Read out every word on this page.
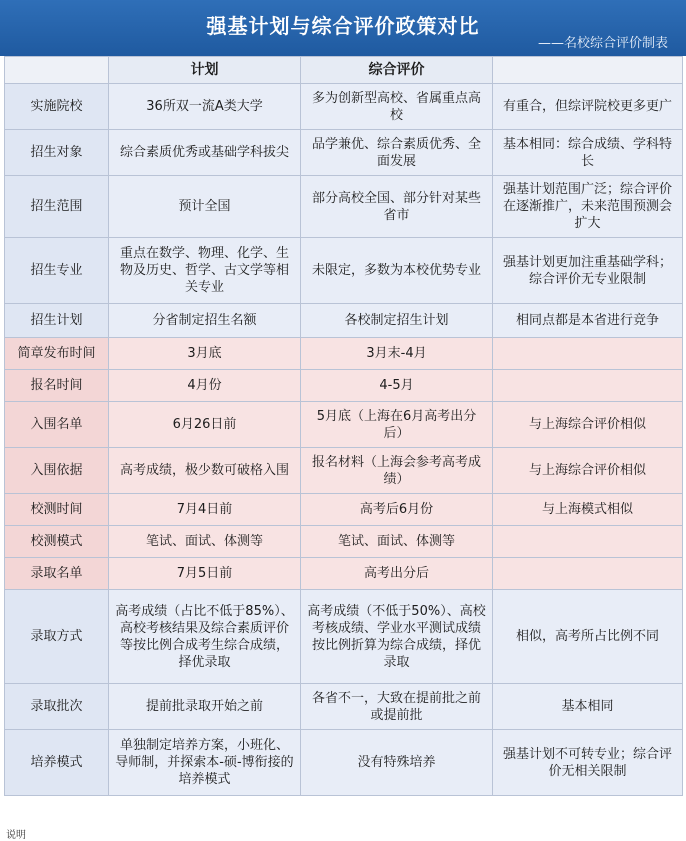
强基计划与综合评价政策对比
——名校综合评价制表
	计划	综合评价	
实施院校	36所双一流A类大学	多为创新型高校、省属重点高校	有重合，但综评院校更多更广
招生对象	综合素质优秀或基础学科拔尖	品学兼优、综合素质优秀、全面发展	基本相同：综合成绩、学科特长
招生范围	预计全国	部分高校全国、部分针对某些省市	强基计划范围广泛；综合评价在逐渐推广，未来范围预测会扩大
招生专业	重点在数学、物理、化学、生物及历史、哲学、古文学等相关专业	未限定，多数为本校优势专业	强基计划更加注重基础学科；综合评价无专业限制
招生计划	分省制定招生名额	各校制定招生计划	相同点都是本省进行竞争
简章发布时间	3月底	3月末-4月	
报名时间	4月份	4-5月	
入围名单	6月26日前	5月底（上海在6月高考出分后）	与上海综合评价相似
入围依据	高考成绩，极少数可破格入围	报名材料（上海会参考高考成绩）	与上海综合评价相似
校测时间	7月4日前	高考后6月份	与上海模式相似
校测模式	笔试、面试、体测等	笔试、面试、体测等	
录取名单	7月5日前	高考出分后	
录取方式	高考成绩（占比不低于85%）、高校考核结果及综合素质评价等按比例合成考生综合成绩，择优录取	高考成绩（不低于50%）、高校考核成绩、学业水平测试成绩按比例折算为综合成绩，择优录取	相似，高考所占比例不同
录取批次	提前批录取开始之前	各省不一，大致在提前批之前或提前批	基本相同
培养模式	单独制定培养方案，小班化、导师制，并探索本-硕-博衔接的培养模式	没有特殊培养	强基计划不可转专业；综合评价无相关限制
说明
